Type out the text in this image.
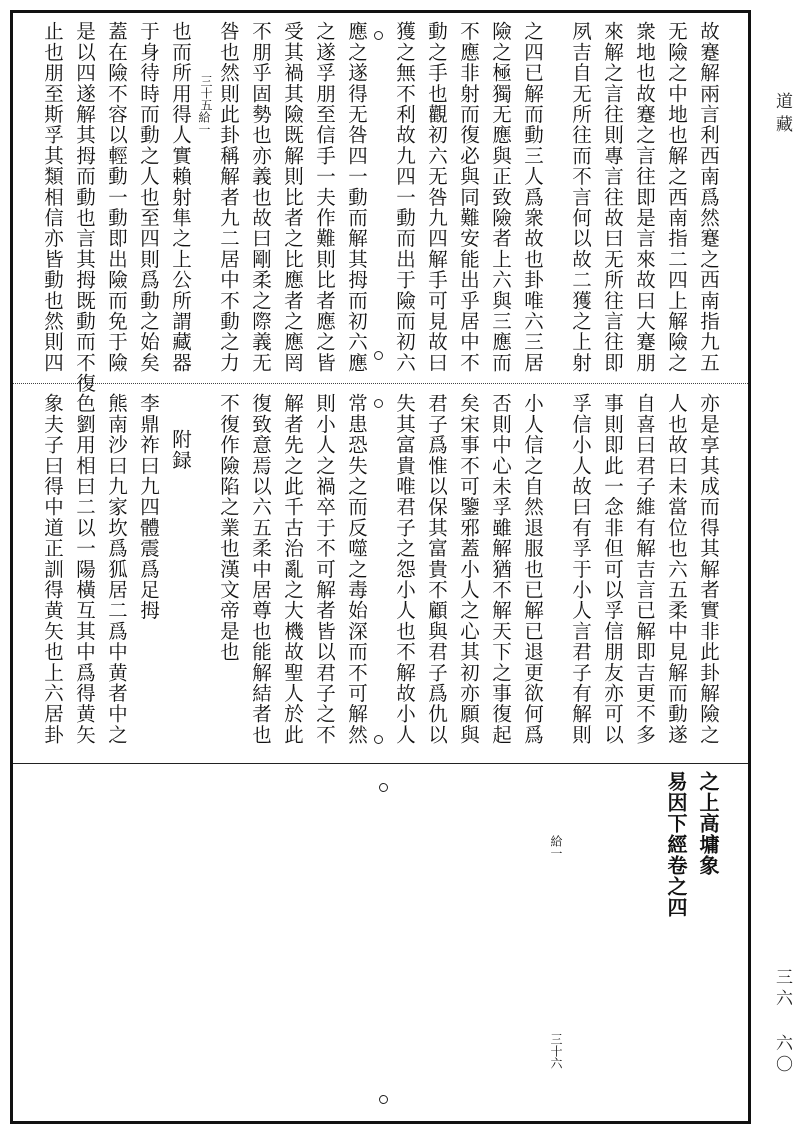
道藏
三六 六〇
故蹇解兩言利西南爲然蹇之西南指九五
无險之中地也解之西南指二四上解險之
衆地也故蹇之言往即是言來故曰大蹇朋
來解之言往則專言往故曰无所往言往即
夙吉自无所往而不言何以故二獲之上射
之四已解而動三人爲衆故也卦唯六三居
險之極獨无應與正致險者上六與三應而
不應非射而復必與同難安能出乎居中不
動之手也觀初六无咎九四解手可見故曰
獲之無不利故九四一動而出于險而初六
應之遂得无咎四一動而解其拇而初六應
之遂孚朋至信手一夫作難則比者應之皆
受其禍其險既解則比者之比應者之應罔
不朋乎固勢也亦義也故曰剛柔之際義无
咎也然則此卦稱解者九二居中不動之力
也而所用得人實賴射隼之上公所謂藏器
于身待時而動之人也至四則爲動之始矣
蓋在險不容以輕動一動即出險而免于險
是以四遂解其拇而動也言其拇既動而不復
止也朋至斯孚其類相信亦皆動也然則四	給一
三十五
亦是享其成而得其解者實非此卦解險之
人也故曰未當位也六五柔中見解而動遂
自喜曰君子維有解吉言已解即吉更不多
事則即此一念非但可以孚信朋友亦可以
孚信小人故曰有孚于小人言君子有解則
小人信之自然退服也已解已退更欲何爲
否則中心未孚雖解猶不解天下之事復起
矣宋事不可鑒邪蓋小人之心其初亦願與
君子爲惟以保其富貴不顧與君子爲仇以
失其富貴唯君子之怨小人也不解故小人
常患恐失之而反噬之毒始深而不可解然
則小人之禍卒于不可解者皆以君子之不
解者先之此千古治亂之大機故聖人於此
復致意焉以六五柔中居尊也能解結者也
不復作險陷之業也漢文帝是也
附録
李鼎祚曰九四體震爲足拇
熊南沙曰九家坎爲狐居二爲中黄者中之
色劉用相曰二以一陽橫互其中爲得黄矢
象夫子曰得中道正訓得黄矢也上六居卦
之上高墉象
易因下經卷之四
給一
三十六
